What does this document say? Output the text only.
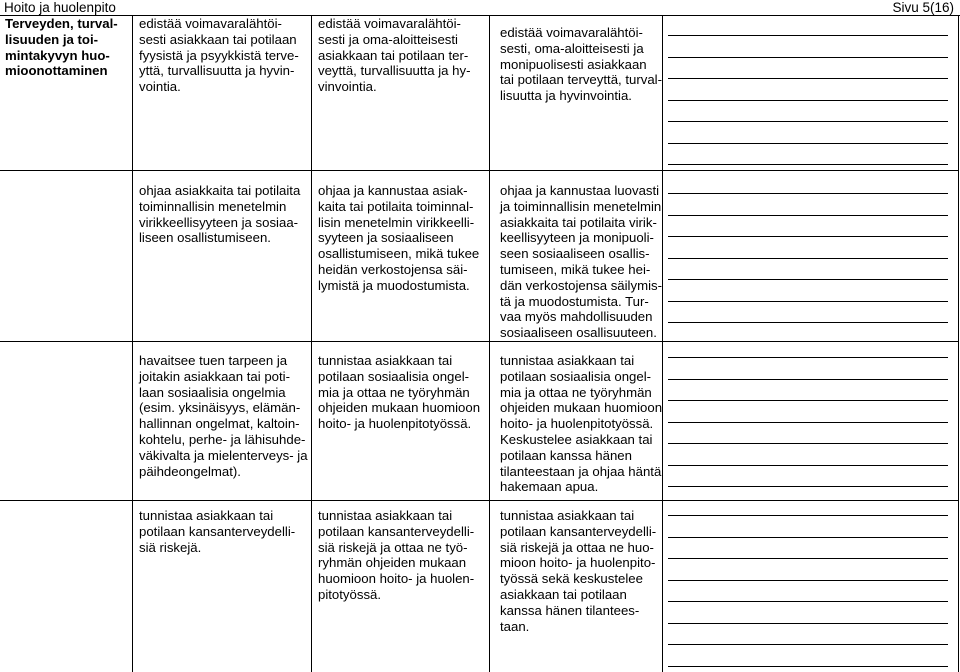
Hoito ja huolenpito	Sivu 5(16)
Terveyden, turval-
lisuuden ja toi-
mintakyvyn huo-
mioonottaminen
edistää voimavaralähtöi-
sesti asiakkaan tai potilaan
fyysistä ja psyykkistä terve-
yttä, turvallisuutta ja hyvin-
vointia.
edistää voimavaralähtöi-
sesti ja oma-aloitteisesti
asiakkaan tai potilaan ter-
veyttä, turvallisuutta ja hy-
vinvointia.
edistää voimavaralähtöi-
sesti, oma-aloitteisesti ja
monipuolisesti asiakkaan
tai potilaan terveyttä, turval-
lisuutta ja hyvinvointia.
ohjaa asiakkaita tai potilaita
toiminnallisin menetelmin
virikkeellisyyteen ja sosiaa-
liseen osallistumiseen.
ohjaa ja kannustaa asiak-
kaita tai potilaita toiminnal-
lisin menetelmin virikkeelli-
syyteen ja sosiaaliseen
osallistumiseen, mikä tukee
heidän verkostojensa säi-
lymistä ja muodostumista.
ohjaa ja kannustaa luovasti
ja toiminnallisin menetelmin
asiakkaita tai potilaita virik-
keellisyyteen ja monipuoli-
seen sosiaaliseen osallis-
tumiseen, mikä tukee hei-
dän verkostojensa säilymis-
tä ja muodostumista. Tur-
vaa myös mahdollisuuden
sosiaaliseen osallisuuteen.
havaitsee tuen tarpeen ja
joitakin asiakkaan tai poti-
laan sosiaalisia ongelmia
(esim. yksinäisyys, elämän-
hallinnan ongelmat, kaltoin-
kohtelu, perhe- ja lähisuhde-
väkivalta ja mielenterveys- ja
päihdeongelmat).
tunnistaa asiakkaan tai
potilaan sosiaalisia ongel-
mia ja ottaa ne työryhmän
ohjeiden mukaan huomioon
hoito- ja huolenpitotyössä.
tunnistaa asiakkaan tai
potilaan sosiaalisia ongel-
mia ja ottaa ne työryhmän
ohjeiden mukaan huomioon
hoito- ja huolenpitotyössä.
Keskustelee asiakkaan tai
potilaan kanssa hänen
tilanteestaan ja ohjaa häntä
hakemaan apua.
tunnistaa asiakkaan tai
potilaan kansanterveydelli-
siä riskejä.
tunnistaa asiakkaan tai
potilaan kansanterveydelli-
siä riskejä ja ottaa ne työ-
ryhmän ohjeiden mukaan
huomioon hoito- ja huolen-
pitotyössä.
tunnistaa asiakkaan tai
potilaan kansanterveydelli-
siä riskejä ja ottaa ne huo-
mioon hoito- ja huolenpito-
työssä sekä keskustelee
asiakkaan tai potilaan
kanssa hänen tilantees-
taan.
